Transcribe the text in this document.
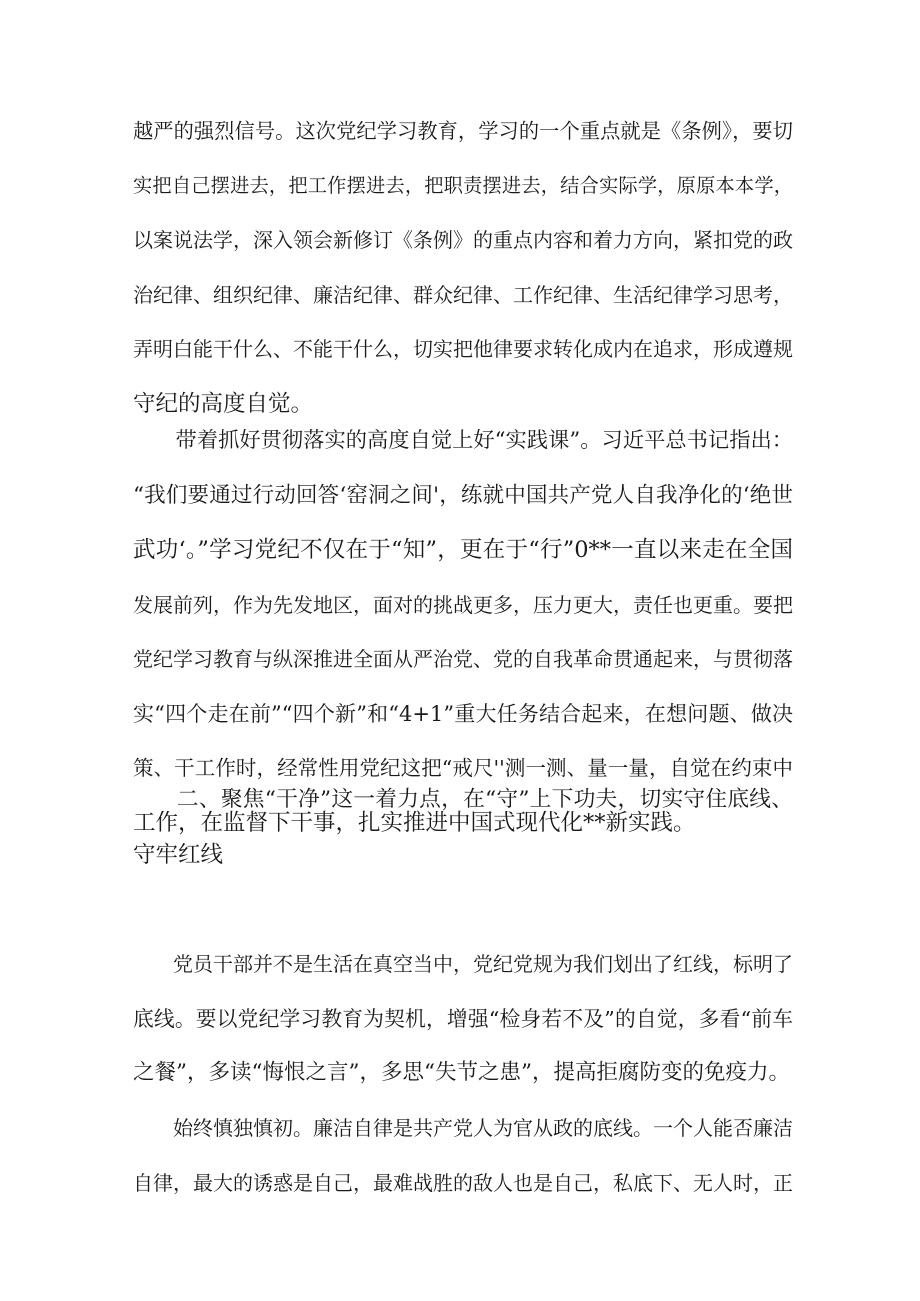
越严的强烈信号。这次党纪学习教育，学习的一个重点就是《条例》，要切
实把自己摆进去，把工作摆进去，把职责摆进去，结合实际学，原原本本学，
以案说法学，深入领会新修订《条例》的重点内容和着力方向，紧扣党的政
治纪律、组织纪律、廉洁纪律、群众纪律、工作纪律、生活纪律学习思考，
弄明白能干什么、不能干什么，切实把他律要求转化成内在追求，形成遵规
守纪的高度自觉。
　　带着抓好贯彻落实的高度自觉上好“实践课”。习近平总书记指出：
“我们要通过行动回答‘窑洞之间'，练就中国共产党人自我净化的‘绝世
武功‘。”学习党纪不仅在于“知”，更在于“行”0**一直以来走在全国
发展前列，作为先发地区，面对的挑战更多，压力更大，责任也更重。要把
党纪学习教育与纵深推进全面从严治党、党的自我革命贯通起来，与贯彻落
实“四个走在前”“四个新”和“4+1”重大任务结合起来，在想问题、做决
策、干工作时，经常性用党纪这把“戒尺''测一测、量一量，自觉在约束中
工作，在监督下干事，扎实推进中国式现代化**新实践。
　　二、聚焦“干净”这一着力点，在“守”上下功夫，切实守住底线、
守牢红线
　　党员干部并不是生活在真空当中，党纪党规为我们划出了红线，标明了
底线。要以党纪学习教育为契机，增强“检身若不及”的自觉，多看“前车
之餐”，多读“悔恨之言”，多思“失节之患”，提高拒腐防变的免疫力。
　　始终慎独慎初。廉洁自律是共产党人为官从政的底线。一个人能否廉洁
自律，最大的诱惑是自己，最难战胜的敌人也是自己，私底下、无人时，正
